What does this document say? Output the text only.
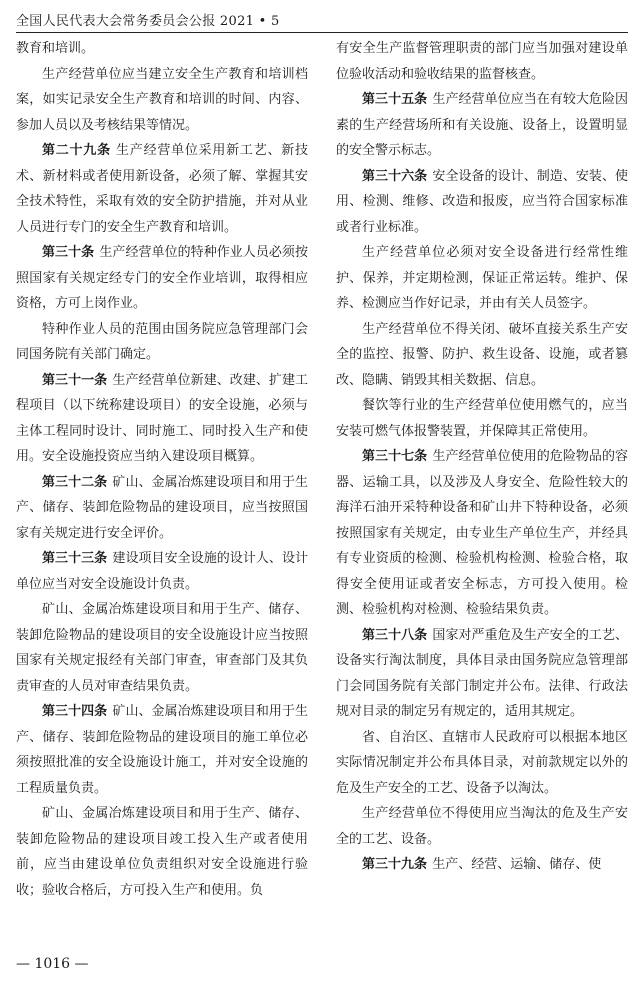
全国人民代表大会常务委员会公报 2021 • 5

教育和培训。

生产经营单位应当建立安全生产教育和培训档案，如实记录安全生产教育和培训的时间、内容、参加人员以及考核结果等情况。

第二十九条 生产经营单位采用新工艺、新技术、新材料或者使用新设备，必须了解、掌握其安全技术特性，采取有效的安全防护措施，并对从业人员进行专门的安全生产教育和培训。

第三十条 生产经营单位的特种作业人员必须按照国家有关规定经专门的安全作业培训，取得相应资格，方可上岗作业。

特种作业人员的范围由国务院应急管理部门会同国务院有关部门确定。

第三十一条 生产经营单位新建、改建、扩建工程项目（以下统称建设项目）的安全设施，必须与主体工程同时设计、同时施工、同时投入生产和使用。安全设施投资应当纳入建设项目概算。

第三十二条 矿山、金属冶炼建设项目和用于生产、储存、装卸危险物品的建设项目，应当按照国家有关规定进行安全评价。

第三十三条 建设项目安全设施的设计人、设计单位应当对安全设施设计负责。

矿山、金属冶炼建设项目和用于生产、储存、装卸危险物品的建设项目的安全设施设计应当按照国家有关规定报经有关部门审查，审查部门及其负责审查的人员对审查结果负责。

第三十四条 矿山、金属冶炼建设项目和用于生产、储存、装卸危险物品的建设项目的施工单位必须按照批准的安全设施设计施工，并对安全设施的工程质量负责。

矿山、金属冶炼建设项目和用于生产、储存、装卸危险物品的建设项目竣工投入生产或者使用前，应当由建设单位负责组织对安全设施进行验收；验收合格后，方可投入生产和使用。负

有安全生产监督管理职责的部门应当加强对建设单位验收活动和验收结果的监督核查。

第三十五条 生产经营单位应当在有较大危险因素的生产经营场所和有关设施、设备上，设置明显的安全警示标志。

第三十六条 安全设备的设计、制造、安装、使用、检测、维修、改造和报废，应当符合国家标准或者行业标准。

生产经营单位必须对安全设备进行经常性维护、保养，并定期检测，保证正常运转。维护、保养、检测应当作好记录，并由有关人员签字。

生产经营单位不得关闭、破坏直接关系生产安全的监控、报警、防护、救生设备、设施，或者篡改、隐瞒、销毁其相关数据、信息。

餐饮等行业的生产经营单位使用燃气的，应当安装可燃气体报警装置，并保障其正常使用。

第三十七条 生产经营单位使用的危险物品的容器、运输工具，以及涉及人身安全、危险性较大的海洋石油开采特种设备和矿山井下特种设备，必须按照国家有关规定，由专业生产单位生产，并经具有专业资质的检测、检验机构检测、检验合格，取得安全使用证或者安全标志，方可投入使用。检测、检验机构对检测、检验结果负责。

第三十八条 国家对严重危及生产安全的工艺、设备实行淘汰制度，具体目录由国务院应急管理部门会同国务院有关部门制定并公布。法律、行政法规对目录的制定另有规定的，适用其规定。

省、自治区、直辖市人民政府可以根据本地区实际情况制定并公布具体目录，对前款规定以外的危及生产安全的工艺、设备予以淘汰。

生产经营单位不得使用应当淘汰的危及生产安全的工艺、设备。

第三十九条 生产、经营、运输、储存、使

— 1016 —
